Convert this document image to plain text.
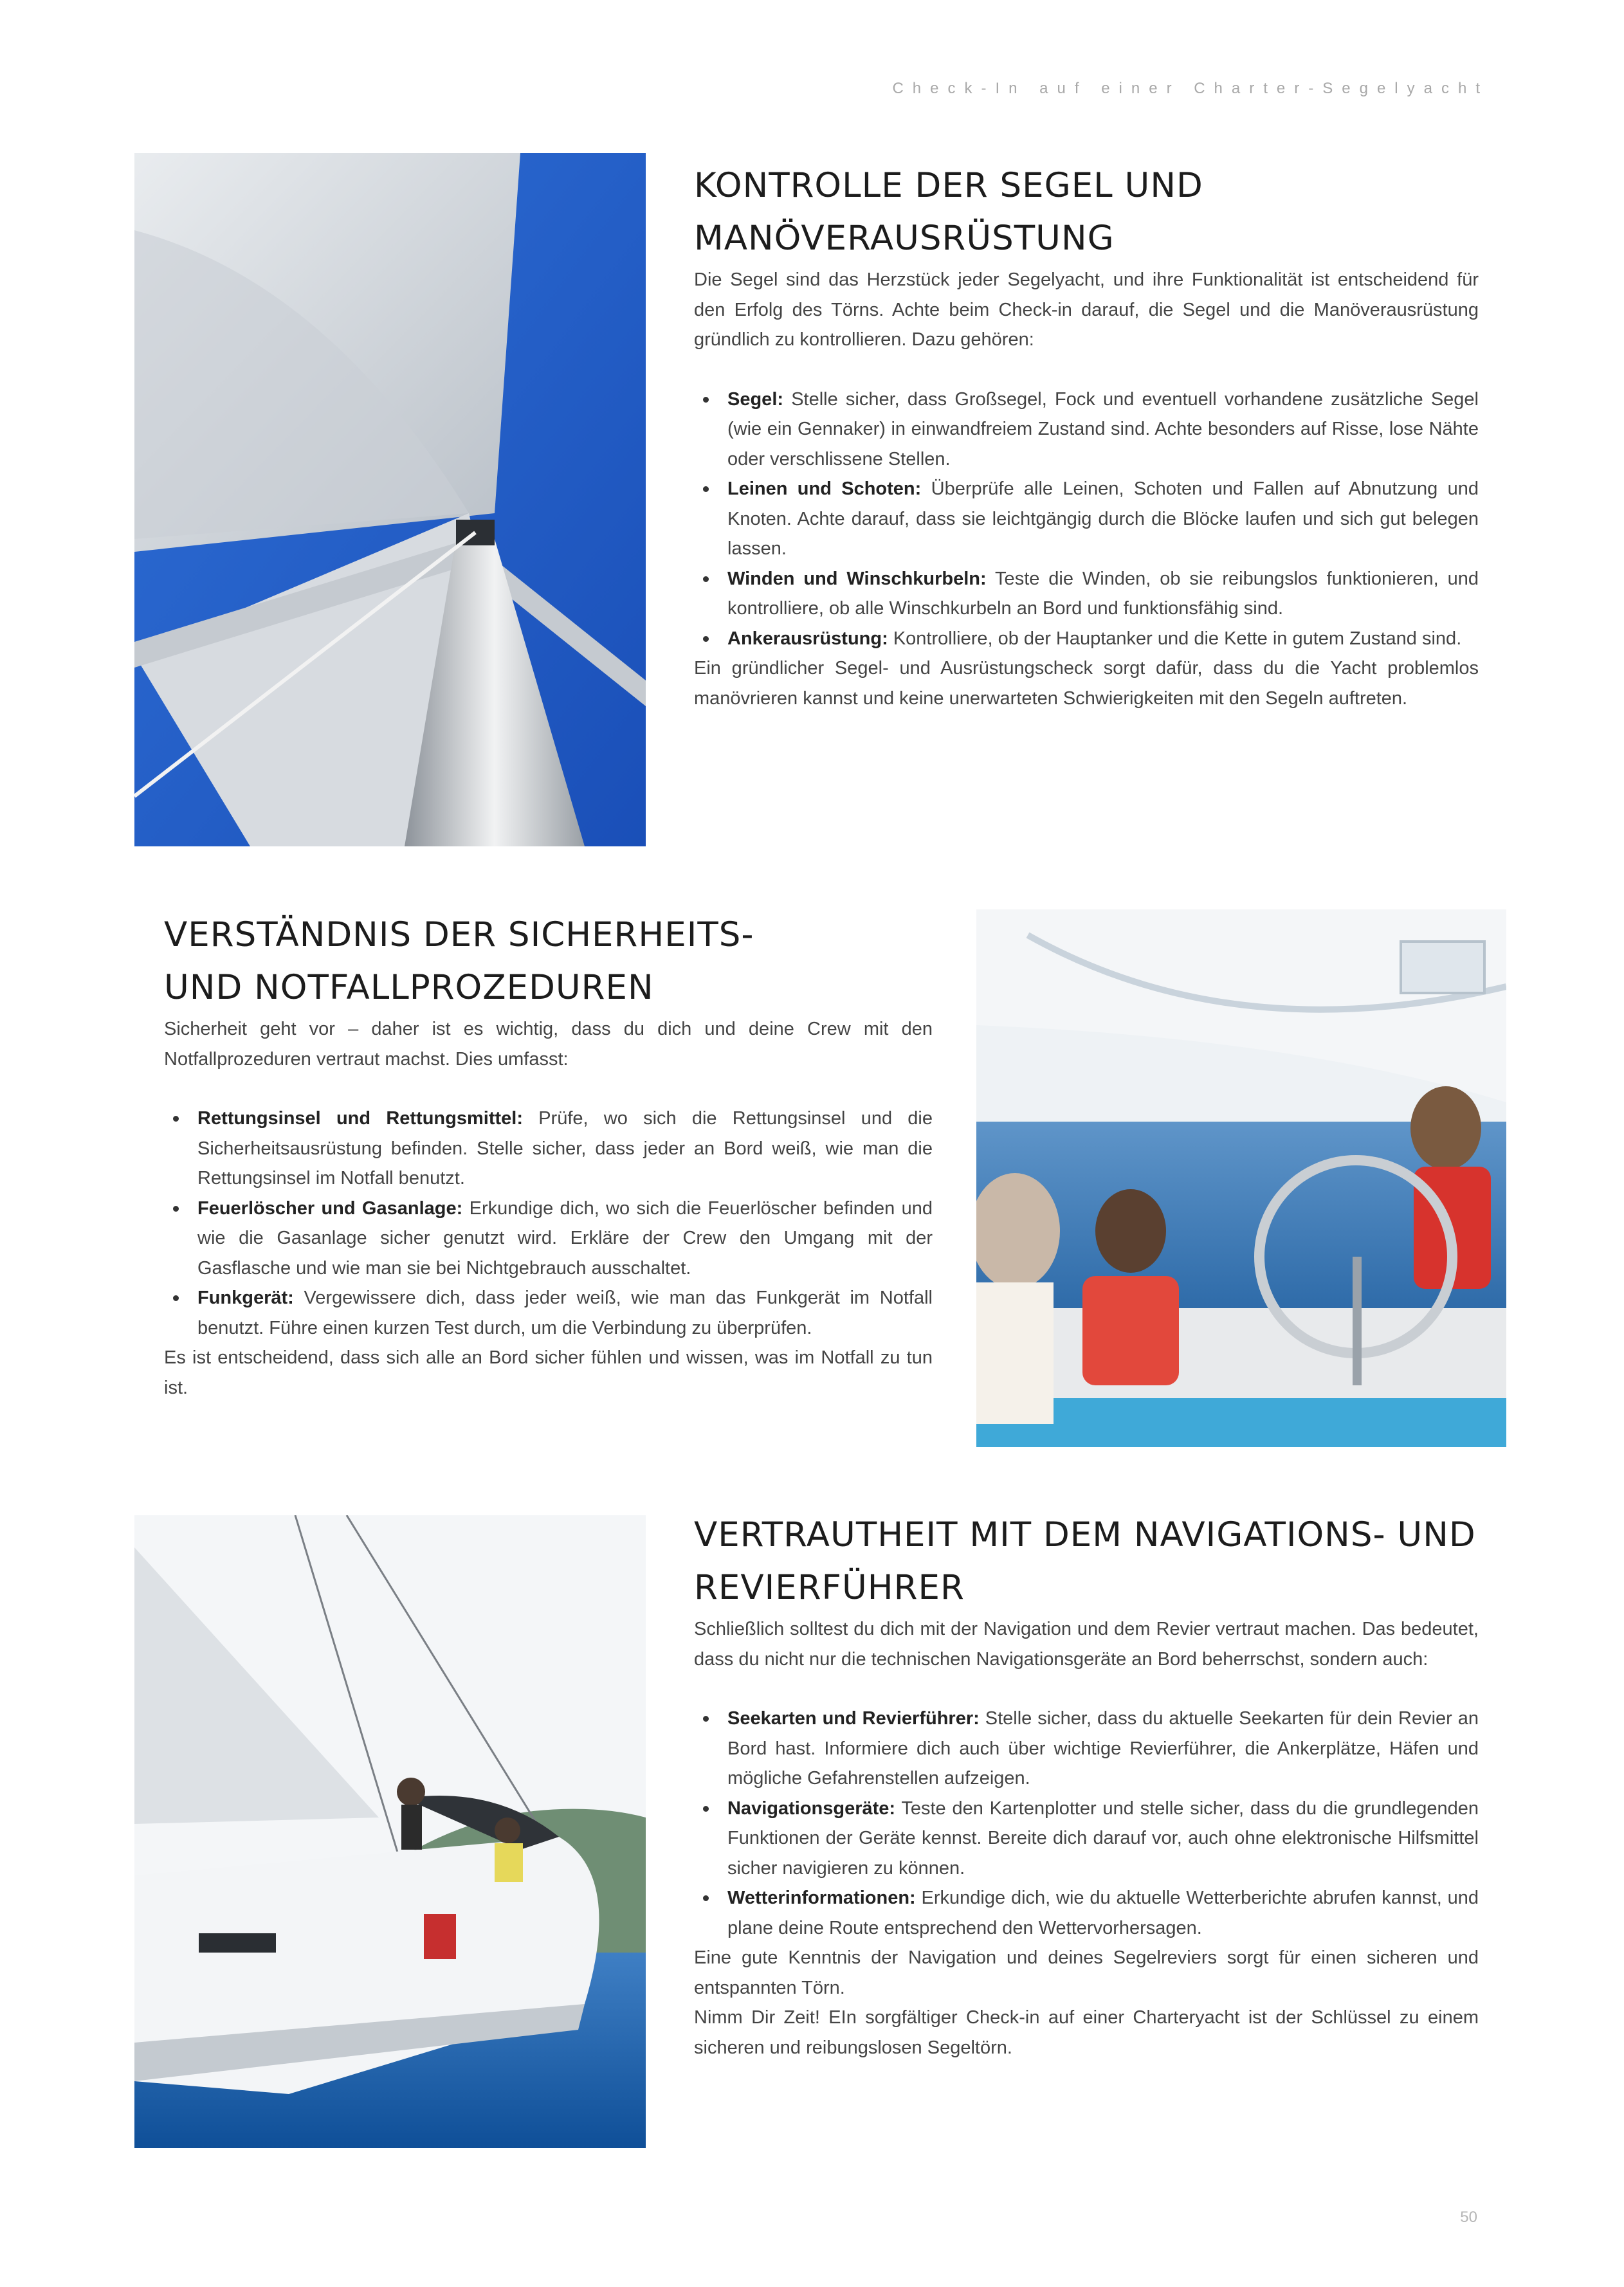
Check-In auf einer Charter-Segelyacht
KONTROLLE DER SEGEL UND
MANÖVERAUSRÜSTUNG

Die Segel sind das Herzstück jeder Segelyacht, und ihre Funktionalität ist entscheidend für den Erfolg des Törns. Achte beim Check-in darauf, die Segel und die Manöverausrüstung gründlich zu kontrollieren. Dazu gehören:

Segel: Stelle sicher, dass Großsegel, Fock und eventuell vorhandene zusätzliche Segel (wie ein Gennaker) in einwandfreiem Zustand sind. Achte besonders auf Risse, lose Nähte oder verschlissene Stellen.
Leinen und Schoten: Überprüfe alle Leinen, Schoten und Fallen auf Abnutzung und Knoten. Achte darauf, dass sie leichtgängig durch die Blöcke laufen und sich gut belegen lassen.
Winden und Winschkurbeln: Teste die Winden, ob sie reibungslos funktionieren, und kontrolliere, ob alle Winschkurbeln an Bord und funktionsfähig sind.
Ankerausrüstung: Kontrolliere, ob der Hauptanker und die Kette in gutem Zustand sind.

Ein gründlicher Segel- und Ausrüstungscheck sorgt dafür, dass du die Yacht problemlos manövrieren kannst und keine unerwarteten Schwierigkeiten mit den Segeln auftreten.

VERSTÄNDNIS DER SICHERHEITS-
UND NOTFALLPROZEDUREN

Sicherheit geht vor – daher ist es wichtig, dass du dich und deine Crew mit den Notfallprozeduren vertraut machst. Dies umfasst:

Rettungsinsel und Rettungsmittel: Prüfe, wo sich die Rettungsinsel und die Sicherheitsausrüstung befinden. Stelle sicher, dass jeder an Bord weiß, wie man die Rettungsinsel im Notfall benutzt.
Feuerlöscher und Gasanlage: Erkundige dich, wo sich die Feuerlöscher befinden und wie die Gasanlage sicher genutzt wird. Erkläre der Crew den Umgang mit der Gasflasche und wie man sie bei Nichtgebrauch ausschaltet.
Funkgerät: Vergewissere dich, dass jeder weiß, wie man das Funkgerät im Notfall benutzt. Führe einen kurzen Test durch, um die Verbindung zu überprüfen.

Es ist entscheidend, dass sich alle an Bord sicher fühlen und wissen, was im Notfall zu tun ist.

VERTRAUTHEIT MIT DEM NAVIGATIONS- UND
REVIERFÜHRER

Schließlich solltest du dich mit der Navigation und dem Revier vertraut machen. Das bedeutet, dass du nicht nur die technischen Navigationsgeräte an Bord beherrschst, sondern auch:

Seekarten und Revierführer: Stelle sicher, dass du aktuelle Seekarten für dein Revier an Bord hast. Informiere dich auch über wichtige Revierführer, die Ankerplätze, Häfen und mögliche Gefahrenstellen aufzeigen.
Navigationsgeräte: Teste den Kartenplotter und stelle sicher, dass du die grundlegenden Funktionen der Geräte kennst. Bereite dich darauf vor, auch ohne elektronische Hilfsmittel sicher navigieren zu können.
Wetterinformationen: Erkundige dich, wie du aktuelle Wetterberichte abrufen kannst, und plane deine Route entsprechend den Wettervorhersagen.

Eine gute Kenntnis der Navigation und deines Segelreviers sorgt für einen sicheren und entspannten Törn.

Nimm Dir Zeit! EIn sorgfältiger Check-in auf einer Charteryacht ist der Schlüssel zu einem sicheren und reibungslosen Segeltörn.

50
